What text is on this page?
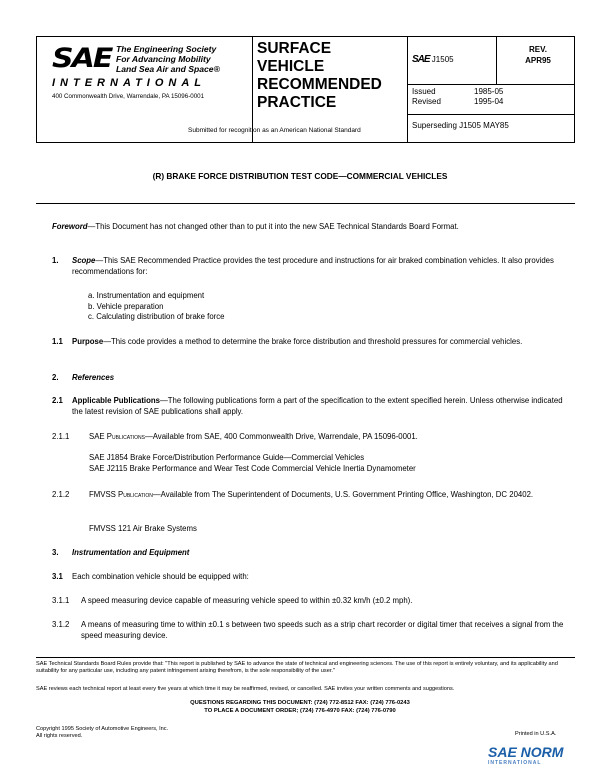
SAE The Engineering Society
For Advancing Mobility
Land Sea Air and Space®
INTERNATIONAL
400 Commonwealth Drive, Warrendale, PA 15096-0001
Submitted for recognition as an American National Standard
SURFACE
VEHICLE
RECOMMENDED
PRACTICE
SAE J1505
REV.
APR95
Issued	1985-05
Revised	1995-04
Superseding J1505 MAY85
(R) BRAKE FORCE DISTRIBUTION TEST CODE—COMMERCIAL VEHICLES
Foreword—This Document has not changed other than to put it into the new SAE Technical Standards Board Format.
1. Scope—This SAE Recommended Practice provides the test procedure and instructions for air braked combination vehicles. It also provides recommendations for:
a. Instrumentation and equipment
b. Vehicle preparation
c. Calculating distribution of brake force
1.1 Purpose—This code provides a method to determine the brake force distribution and threshold pressures for commercial vehicles.
2. References
2.1 Applicable Publications—The following publications form a part of the specification to the extent specified herein. Unless otherwise indicated the latest revision of SAE publications shall apply.
2.1.1	SAE Publications—Available from SAE, 400 Commonwealth Drive, Warrendale, PA 15096-0001.
SAE J1854 Brake Force/Distribution Performance Guide—Commercial Vehicles
SAE J2115 Brake Performance and Wear Test Code Commercial Vehicle Inertia Dynamometer
2.1.2	FMVSS Publication—Available from The Superintendent of Documents, U.S. Government Printing Office, Washington, DC 20402.
FMVSS 121 Air Brake Systems
3. Instrumentation and Equipment
3.1 Each combination vehicle should be equipped with:
3.1.1 A speed measuring device capable of measuring vehicle speed to within ±0.32 km/h (±0.2 mph).
3.1.2 A means of measuring time to within ±0.1 s between two speeds such as a strip chart recorder or digital timer that receives a signal from the speed measuring device.
SAE Technical Standards Board Rules provide that: "This report is published by SAE to advance the state of technical and engineering sciences. The use of this report is entirely voluntary, and its applicability and suitability for any particular use, including any patent infringement arising therefrom, is the sole responsibility of the user."
SAE reviews each technical report at least every five years at which time it may be reaffirmed, revised, or cancelled. SAE invites your written comments and suggestions.
QUESTIONS REGARDING THIS DOCUMENT: (724) 772-8512 FAX: (724) 776-0243
TO PLACE A DOCUMENT ORDER; (724) 776-4970 FAX: (724) 776-0790
Copyright 1995 Society of Automotive Engineers, Inc.
All rights reserved.	Printed in U.S.A.
SAE NORM
INTERNATIONAL
